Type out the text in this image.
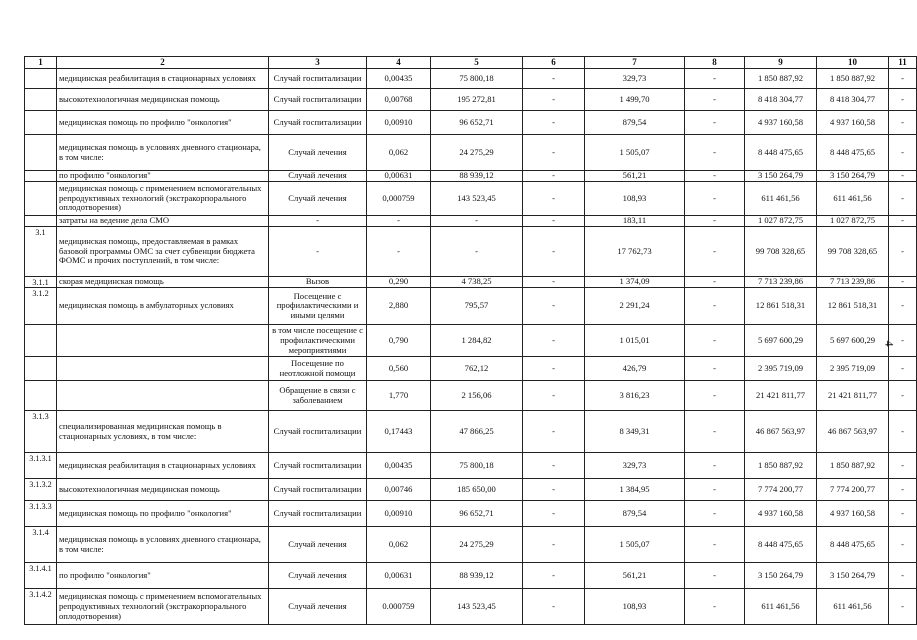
1	2	3	4	5	6	7	8	9	10	11
	медицинская реабилитация в стационарных условиях	Случай госпитализации	0,00435	75 800,18	-	329,73	-	1 850 887,92	1 850 887,92	-
	высокотехнологичная медицинская помощь	Случай госпитализации	0,00768	195 272,81	-	1 499,70	-	8 418 304,77	8 418 304,77	-
	медицинская помощь по профилю "онкология"	Случай госпитализации	0,00910	96 652,71	-	879,54	-	4 937 160,58	4 937 160,58	-
	медицинская помощь в условиях дневного стационара, в том числе:	Случай лечения	0,062	24 275,29	-	1 505,07	-	8 448 475,65	8 448 475,65	-
	по профилю "онкология"	Случай лечения	0,00631	88 939,12	-	561,21	-	3 150 264,79	3 150 264,79	-
	медицинская помощь с применением вспомогательных репродуктивных технологий (экстракорпорального оплодотворения)	Случай лечения	0,000759	143 523,45	-	108,93	-	611 461,56	611 461,56	-
	затраты на ведение дела СМО	-	-	-	-	183,11	-	1 027 872,75	1 027 872,75	-
3.1	медицинская помощь, предоставляемая в рамках базовой программы ОМС за счет субвенции бюджета ФОМС и прочих поступлений, в том числе:	-	-	-	-	17 762,73	-	99 708 328,65	99 708 328,65	-
3.1.1	скорая медицинская помощь	Вызов	0,290	4 738,25	-	1 374,09	-	7 713 239,86	7 713 239,86	-
3.1.2	медицинская помощь в амбулаторных условиях	Посещение с профилактическими и иными целями	2,880	795,57	-	2 291,24	-	12 861 518,31	12 861 518,31	-
		в том числе посещение с профилактическими мероприятиями	0,790	1 284,82	-	1 015,01	-	5 697 600,29	5 697 600,29	-
		Посещение по неотложной помощи	0,560	762,12	-	426,79	-	2 395 719,09	2 395 719,09	-
		Обращение в связи с заболеванием	1,770	2 156,06	-	3 816,23	-	21 421 811,77	21 421 811,77	-
3.1.3	специализированная медицинская помощь в стационарных условиях, в том числе:	Случай госпитализации	0,17443	47 866,25	-	8 349,31	-	46 867 563,97	46 867 563,97	-
3.1.3.1	медицинская реабилитация в стационарных условиях	Случай госпитализации	0,00435	75 800,18	-	329,73	-	1 850 887,92	1 850 887,92	-
3.1.3.2	высокотехнологичная медицинская помощь	Случай госпитализации	0,00746	185 650,00	-	1 384,95	-	7 774 200,77	7 774 200,77	-
3.1.3.3	медицинская помощь по профилю "онкология"	Случай госпитализации	0,00910	96 652,71	-	879,54	-	4 937 160,58	4 937 160,58	-
3.1.4	медицинская помощь в условиях дневного стационара, в том числе:	Случай лечения	0,062	24 275,29	-	1 505,07	-	8 448 475,65	8 448 475,65	-
3.1.4.1	по профилю "онкология"	Случай лечения	0,00631	88 939,12	-	561,21	-	3 150 264,79	3 150 264,79	-
3.1.4.2	медицинская помощь с применением вспомогательных репродуктивных технологий (экстракорпорального оплодотворения)	Случай лечения	0.000759	143 523,45	-	108,93	-	611 461,56	611 461,56	-
4
